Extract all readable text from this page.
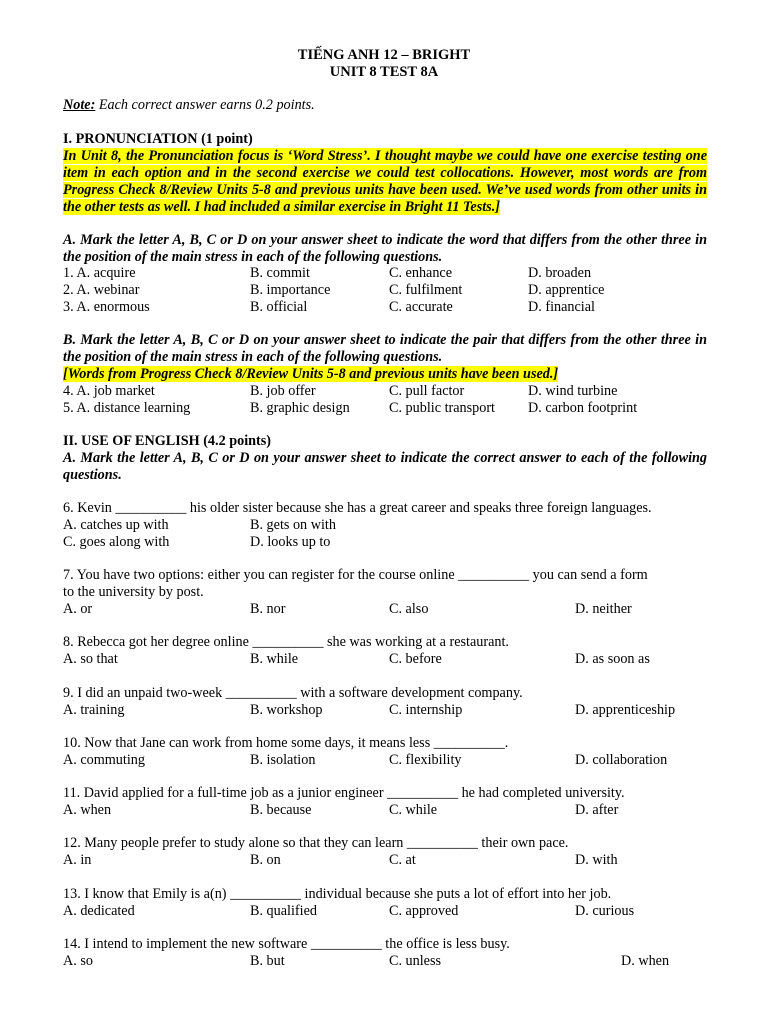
TIẾNG ANH 12 – BRIGHT
UNIT 8 TEST 8A
Note: Each correct answer earns 0.2 points.
I. PRONUNCIATION (1 point)
In Unit 8, the Pronunciation focus is ‘Word Stress’. I thought maybe we could have one exercise testing one item in each option and in the second exercise we could test collocations. However, most words are from Progress Check 8/Review Units 5-8 and previous units have been used. We’ve used words from other units in the other tests as well. I had included a similar exercise in Bright 11 Tests.]
A. Mark the letter A, B, C or D on your answer sheet to indicate the word that differs from the other three in the position of the main stress in each of the following questions.
1. A. acquire	B. commit	C. enhance	D. broaden
2. A. webinar	B. importance	C. fulfilment	D. apprentice
3. A. enormous	B. official	C. accurate	D. financial
B. Mark the letter A, B, C or D on your answer sheet to indicate the pair that differs from the other three in the position of the main stress in each of the following questions.
[Words from Progress Check 8/Review Units 5-8 and previous units have been used.]
4. A. job market	B. job offer	C. pull factor	D. wind turbine
5. A. distance learning	B. graphic design	C. public transport D. carbon footprint
II. USE OF ENGLISH (4.2 points)
A. Mark the letter A, B, C or D on your answer sheet to indicate the correct answer to each of the following questions.
6. Kevin __________ his older sister because she has a great career and speaks three foreign languages.
A. catches up with	B. gets on with
C. goes along with	D. looks up to
7. You have two options: either you can register for the course online __________ you can send a form
to the university by post.
A. or	B. nor	C. also	D. neither
8. Rebecca got her degree online __________ she was working at a restaurant.
A. so that	B. while	C. before	D. as soon as
9. I did an unpaid two-week __________ with a software development company.
A. training	B. workshop	C. internship	D. apprenticeship
10. Now that Jane can work from home some days, it means less __________.
A. commuting	B. isolation	C. flexibility	D. collaboration
11. David applied for a full-time job as a junior engineer __________ he had completed university.
A. when	B. because	C. while	D. after
12. Many people prefer to study alone so that they can learn __________ their own pace.
A. in	B. on	C. at	D. with
13. I know that Emily is a(n) __________ individual because she puts a lot of effort into her job.
A. dedicated	B. qualified	C. approved	D. curious
14. I intend to implement the new software __________ the office is less busy.
A. so	B. but	C. unless	D. when
